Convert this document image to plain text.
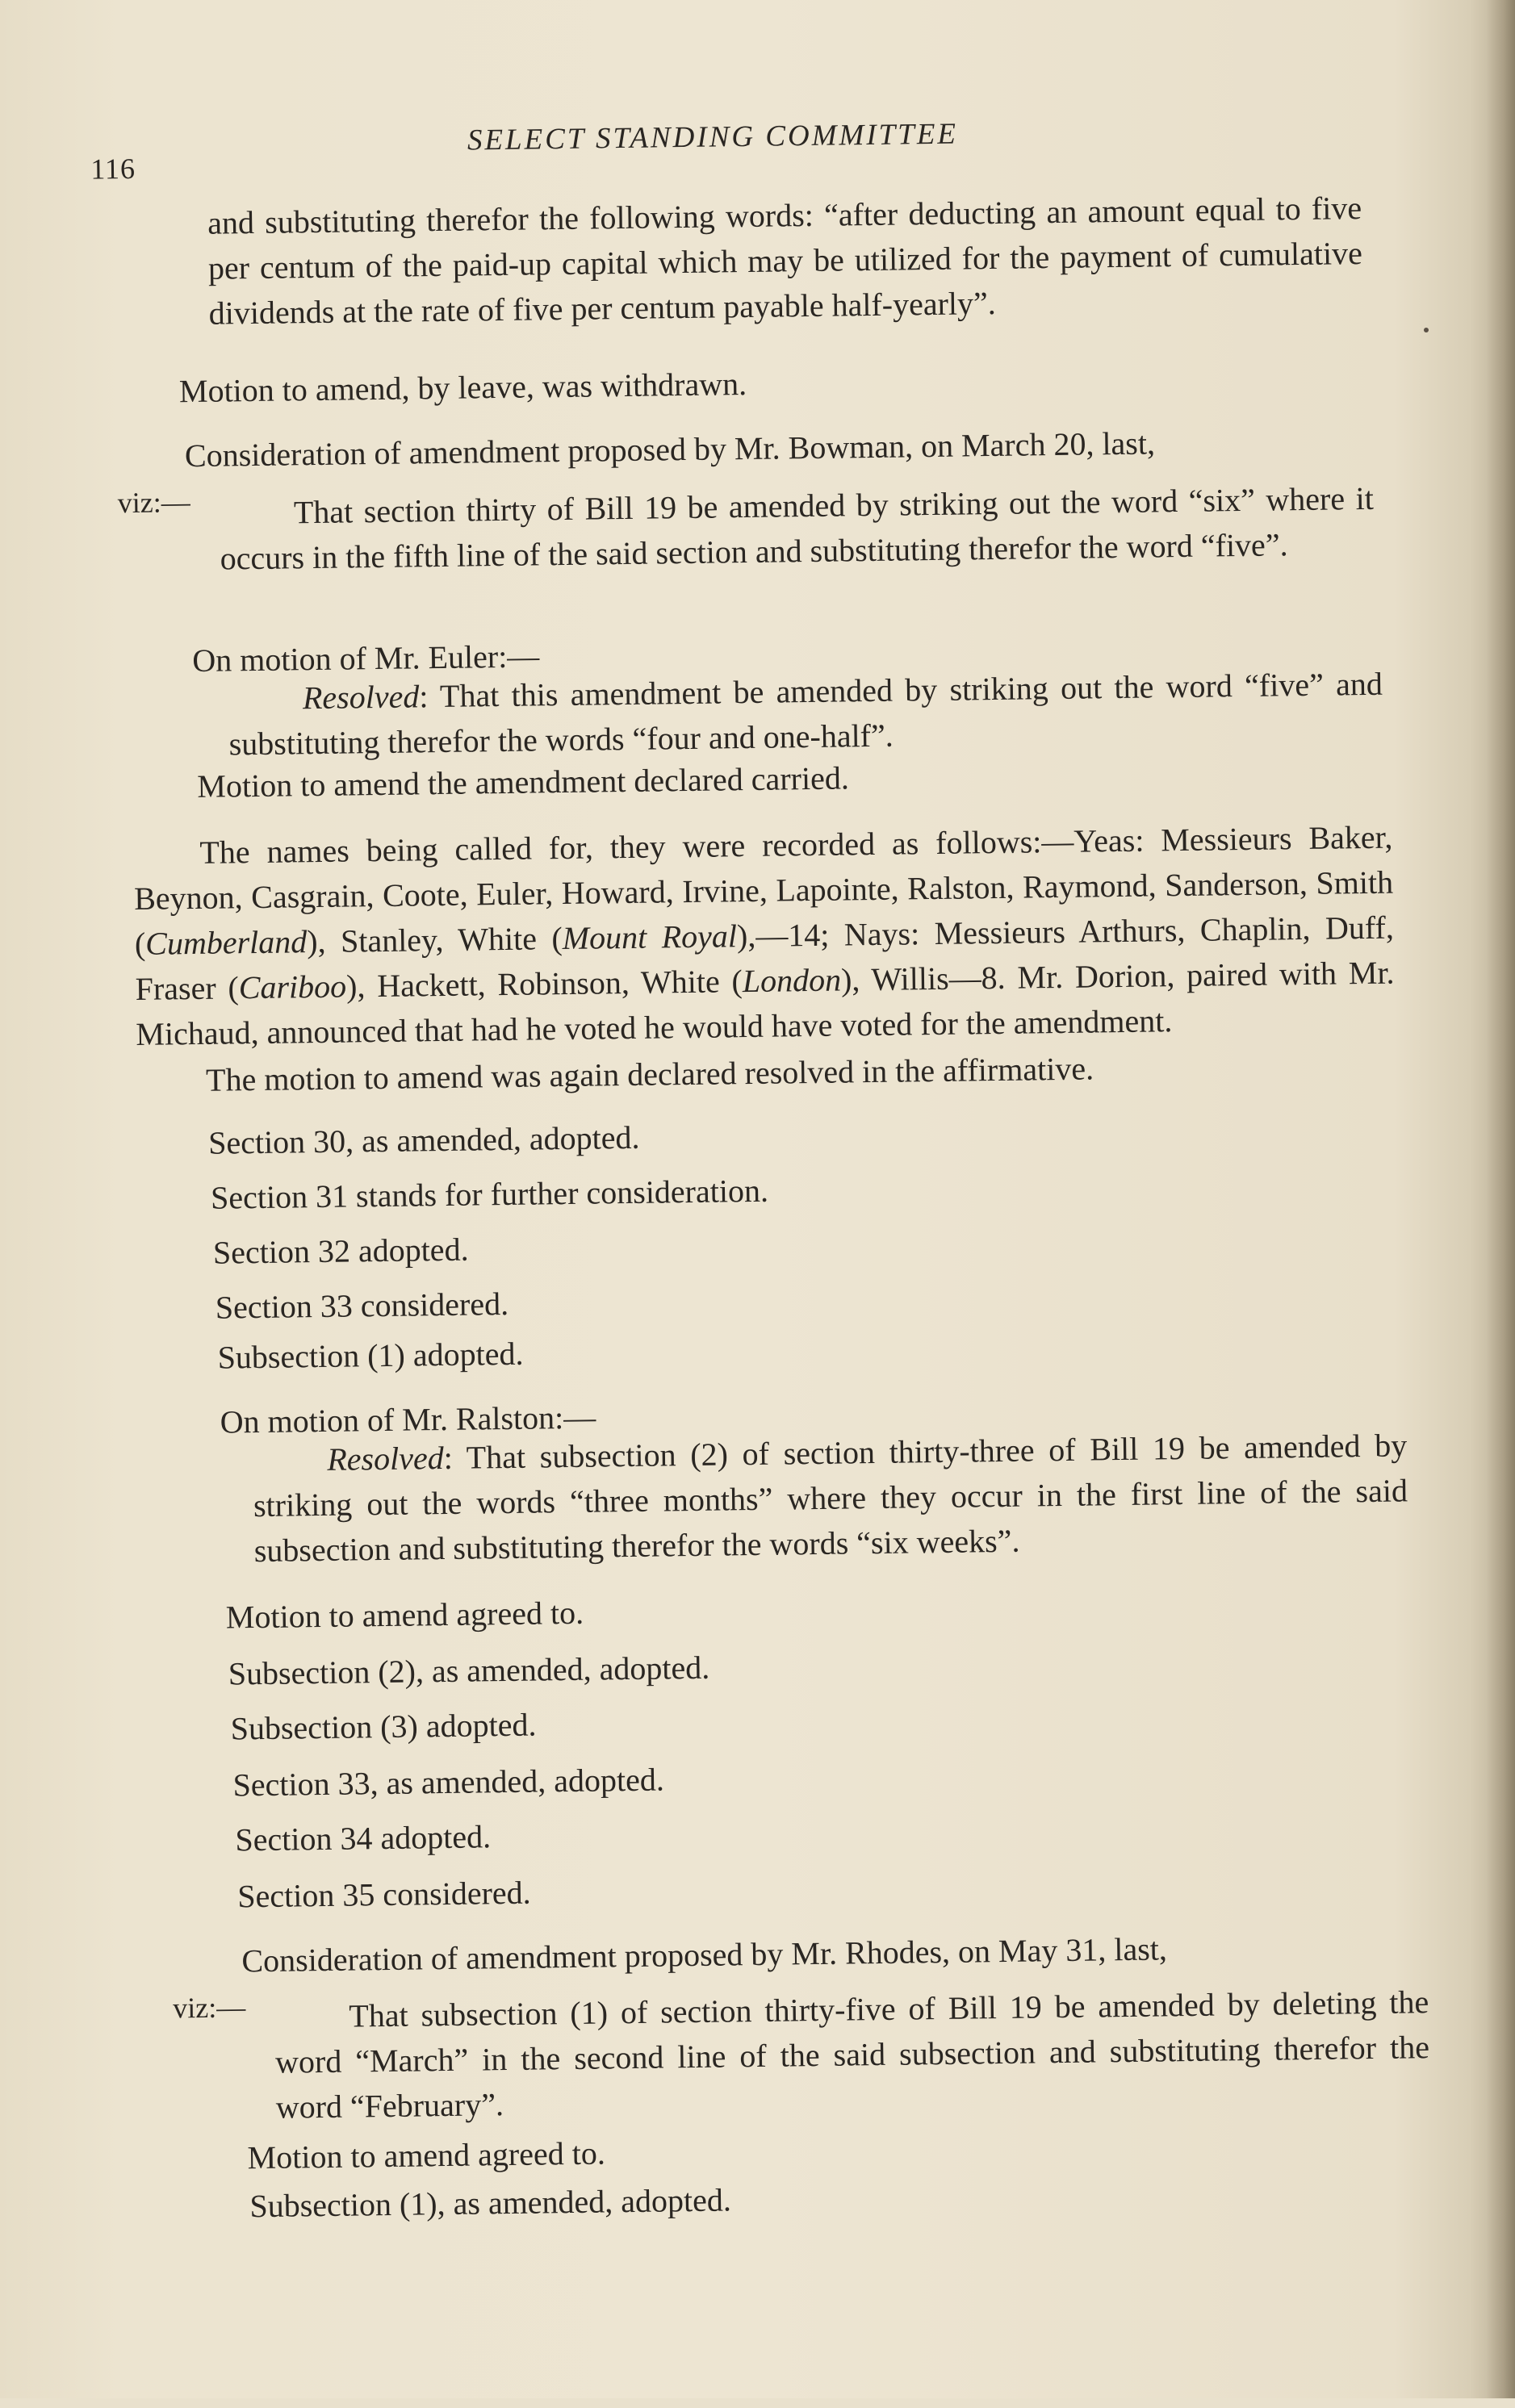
116
SELECT STANDING COMMITTEE

and substituting therefor the following words: “after deducting an amount equal to five per centum of the paid-up capital which may be utilized for the payment of cumulative dividends at the rate of five per centum payable half-yearly”.

Motion to amend, by leave, was withdrawn.

Consideration of amendment proposed by Mr. Bowman, on March 20, last,

viz:—	That section thirty of Bill 19 be amended by striking out the word “six” where it occurs in the fifth line of the said section and substituting therefor the word “five”.

On motion of Mr. Euler:—

Resolved: That this amendment be amended by striking out the word “five” and substituting therefor the words “four and one-half”.

Motion to amend the amendment declared carried.

The names being called for, they were recorded as follows:—Yeas: Messieurs Baker, Beynon, Casgrain, Coote, Euler, Howard, Irvine, Lapointe, Ralston, Raymond, Sanderson, Smith (Cumberland), Stanley, White (Mount Royal),—14; Nays: Messieurs Arthurs, Chaplin, Duff, Fraser (Cariboo), Hackett, Robinson, White (London), Willis—8. Mr. Dorion, paired with Mr. Michaud, announced that had he voted he would have voted for the amendment.

The motion to amend was again declared resolved in the affirmative.

Section 30, as amended, adopted.

Section 31 stands for further consideration.

Section 32 adopted.

Section 33 considered.

Subsection (1) adopted.

On motion of Mr. Ralston:—

Resolved: That subsection (2) of section thirty-three of Bill 19 be amended by striking out the words “three months” where they occur in the first line of the said subsection and substituting therefor the words “six weeks”.

Motion to amend agreed to.

Subsection (2), as amended, adopted.

Subsection (3) adopted.

Section 33, as amended, adopted.

Section 34 adopted.

Section 35 considered.

Consideration of amendment proposed by Mr. Rhodes, on May 31, last,

viz:—	That subsection (1) of section thirty-five of Bill 19 be amended by deleting the word “March” in the second line of the said subsection and substituting therefor the word “February”.

Motion to amend agreed to.

Subsection (1), as amended, adopted.
